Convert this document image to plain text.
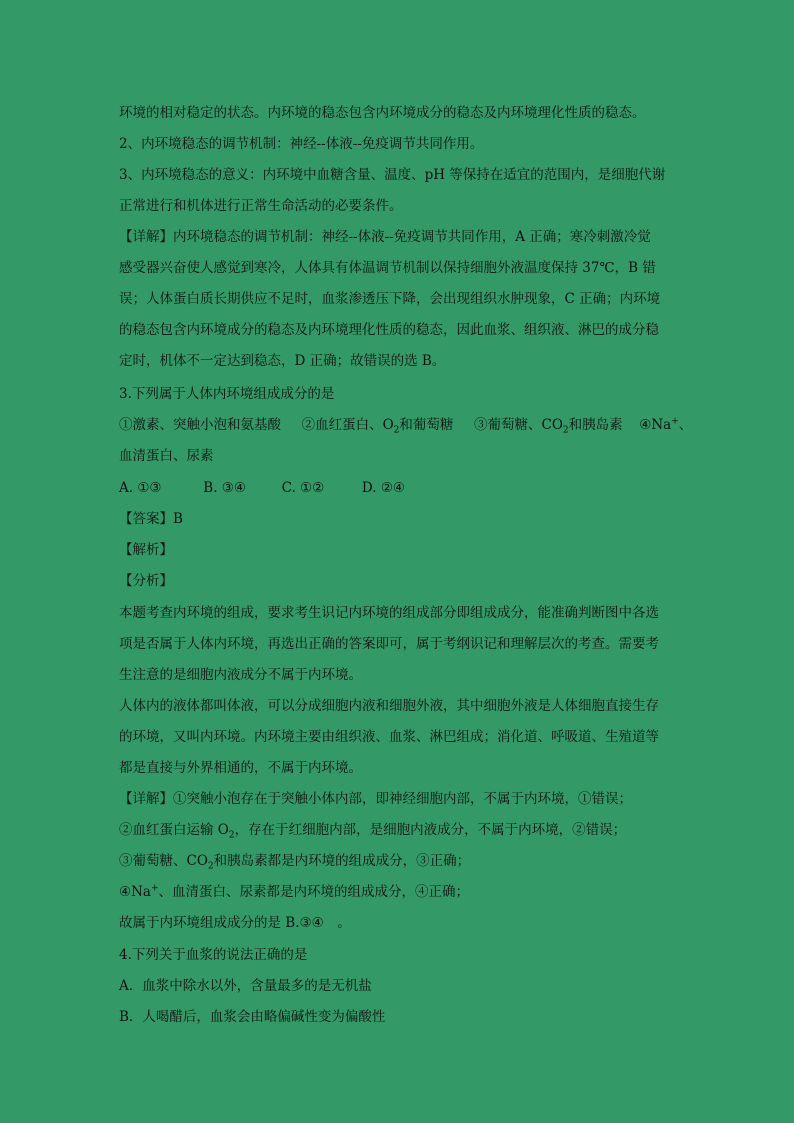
环境的相对稳定的状态。内环境的稳态包含内环境成分的稳态及内环境理化性质的稳态。
2、内环境稳态的调节机制：神经--体液--免疫调节共同作用。
3、内环境稳态的意义：内环境中血糖含量、温度、pH 等保持在适宜的范围内，是细胞代谢
正常进行和机体进行正常生命活动的必要条件。
【详解】内环境稳态的调节机制：神经--体液--免疫调节共同作用，A 正确；寒冷刺激冷觉
感受器兴奋使人感觉到寒冷，人体具有体温调节机制以保持细胞外液温度保持 37℃，B 错
误；人体蛋白质长期供应不足时，血浆渗透压下降，会出现组织水肿现象，C 正确；内环境
的稳态包含内环境成分的稳态及内环境理化性质的稳态，因此血浆、组织液、淋巴的成分稳
定时，机体不一定达到稳态，D 正确；故错误的选 B。
3.下列属于人体内环境组成成分的是
①激素、突触小泡和氨基酸 ②血红蛋白、$O_2$和葡萄糖 ③葡萄糖、$CO_2$和胰岛素 ④Na+、
血清蛋白、尿素
A. ①③	B. ③④	C. ①②	D. ②④
【答案】B
【解析】
【分析】
本题考查内环境的组成，要求考生识记内环境的组成部分即组成成分，能准确判断图中各选
项是否属于人体内环境，再选出正确的答案即可，属于考纲识记和理解层次的考查。需要考
生注意的是细胞内液成分不属于内环境。
人体内的液体都叫体液，可以分成细胞内液和细胞外液，其中细胞外液是人体细胞直接生存
的环境，又叫内环境。内环境主要由组织液、血浆、淋巴组成；消化道、呼吸道、生殖道等
都是直接与外界相通的，不属于内环境。
【详解】①突触小泡存在于突触小体内部，即神经细胞内部，不属于内环境，①错误；
②血红蛋白运输 $O_2$，存在于红细胞内部，是细胞内液成分，不属于内环境，②错误；
③葡萄糖、$CO_2$和胰岛素都是内环境的组成成分，③正确；
④Na+、血清蛋白、尿素都是内环境的组成成分，④正确；
故属于内环境组成成分的是 B.③④　。
4.下列关于血浆的说法正确的是
A．血浆中除水以外，含量最多的是无机盐
B．人喝醋后，血浆会由略偏碱性变为偏酸性
